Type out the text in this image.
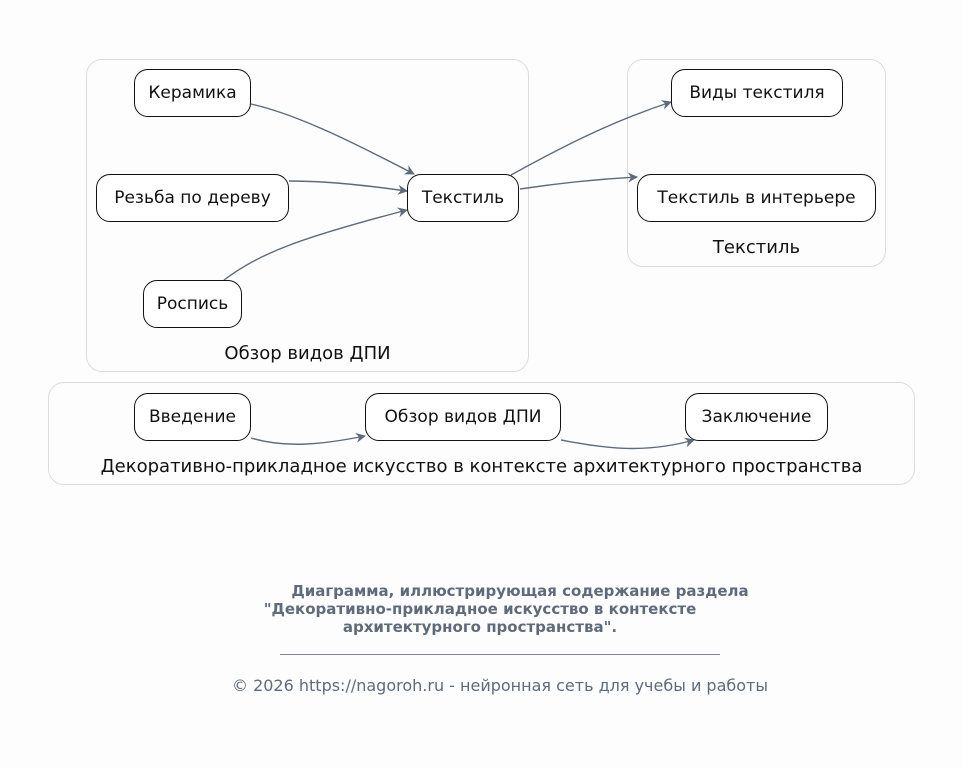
Обзор видов ДПИ
Текстиль
Декоративно-прикладное искусство в контексте архитектурного пространства
Керамика
Резьба по дереву
Роспись
Текстиль
Виды текстиля
Текстиль в интерьере
Введение	Обзор видов ДПИ	Заключение
Диаграмма, иллюстрирующая содержание раздела
"Декоративно-прикладное искусство в контексте
архитектурного пространства".
© 2026 https://nagoroh.ru - нейронная сеть для учебы и работы
